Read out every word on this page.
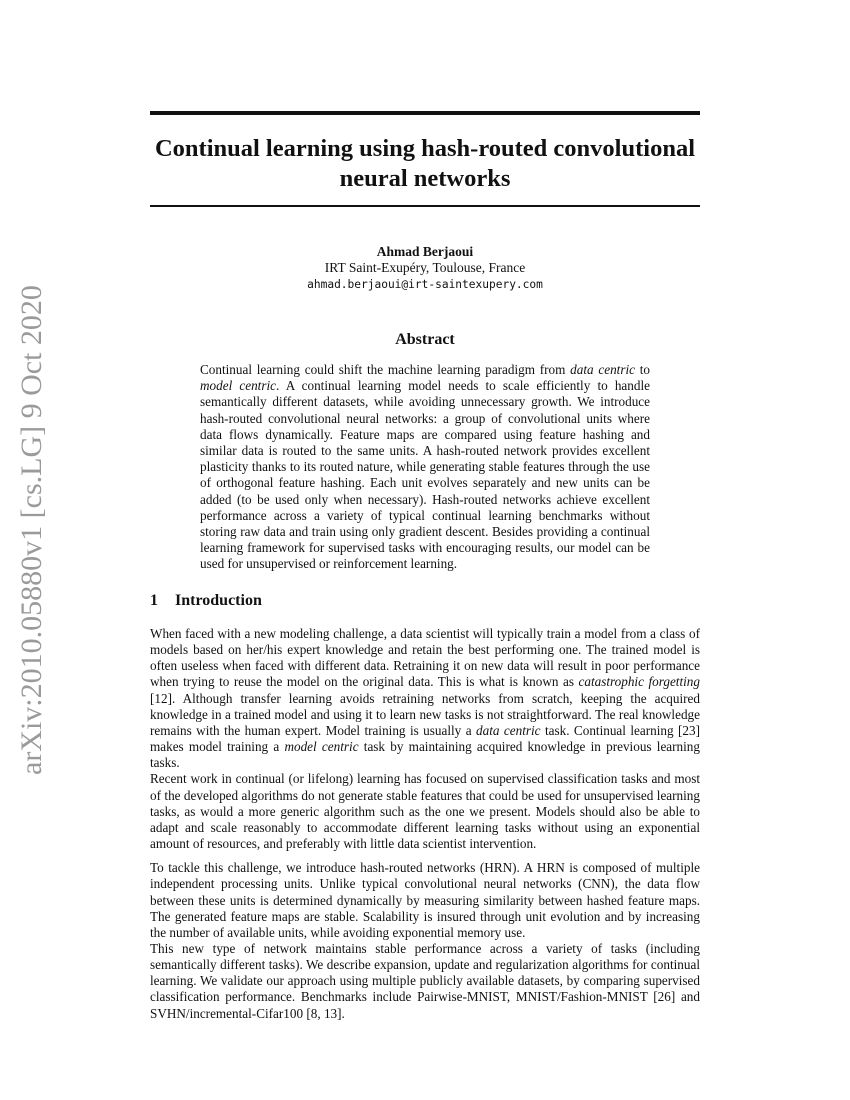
arXiv:2010.05880v1 [cs.LG] 9 Oct 2020
Continual learning using hash-routed convolutional neural networks
Ahmad Berjaoui
IRT Saint-Exupéry, Toulouse, France
ahmad.berjaoui@irt-saintexupery.com
Abstract
Continual learning could shift the machine learning paradigm from data centric to model centric. A continual learning model needs to scale efficiently to handle semantically different datasets, while avoiding unnecessary growth. We introduce hash-routed convolutional neural networks: a group of convolutional units where data flows dynamically. Feature maps are compared using feature hashing and similar data is routed to the same units. A hash-routed network provides excellent plasticity thanks to its routed nature, while generating stable features through the use of orthogonal feature hashing. Each unit evolves separately and new units can be added (to be used only when necessary). Hash-routed networks achieve excellent performance across a variety of typical continual learning benchmarks without storing raw data and train using only gradient descent. Besides providing a continual learning framework for supervised tasks with encouraging results, our model can be used for unsupervised or reinforcement learning.
1 Introduction

When faced with a new modeling challenge, a data scientist will typically train a model from a class of models based on her/his expert knowledge and retain the best performing one. The trained model is often useless when faced with different data. Retraining it on new data will result in poor performance when trying to reuse the model on the original data. This is what is known as catastrophic forgetting [12]. Although transfer learning avoids retraining networks from scratch, keeping the acquired knowledge in a trained model and using it to learn new tasks is not straightforward. The real knowledge remains with the human expert. Model training is usually a data centric task. Continual learning [23] makes model training a model centric task by maintaining acquired knowledge in previous learning tasks.

Recent work in continual (or lifelong) learning has focused on supervised classification tasks and most of the developed algorithms do not generate stable features that could be used for unsupervised learning tasks, as would a more generic algorithm such as the one we present. Models should also be able to adapt and scale reasonably to accommodate different learning tasks without using an exponential amount of resources, and preferably with little data scientist intervention.

To tackle this challenge, we introduce hash-routed networks (HRN). A HRN is composed of multiple independent processing units. Unlike typical convolutional neural networks (CNN), the data flow between these units is determined dynamically by measuring similarity between hashed feature maps. The generated feature maps are stable. Scalability is insured through unit evolution and by increasing the number of available units, while avoiding exponential memory use.

This new type of network maintains stable performance across a variety of tasks (including semantically different tasks). We describe expansion, update and regularization algorithms for continual learning. We validate our approach using multiple publicly available datasets, by comparing supervised classification performance. Benchmarks include Pairwise-MNIST, MNIST/Fashion-MNIST [26] and SVHN/incremental-Cifar100 [8, 13].
